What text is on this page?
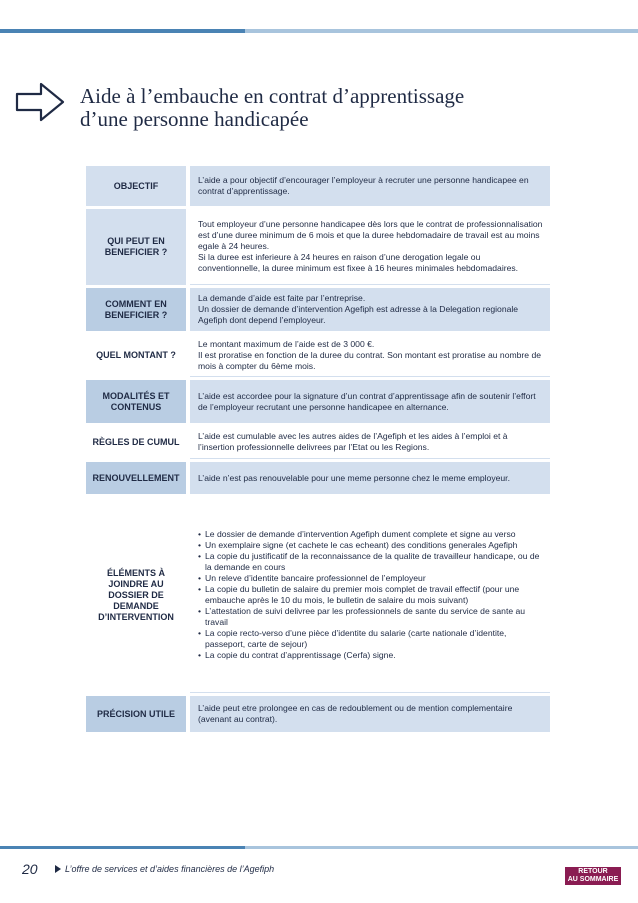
Aide à l’embauche en contrat d’apprentissage
d’une personne handicapée
OBJECTIF
L’aide a pour objectif d’encourager l’employeur à recruter une personne handicapee en contrat d’apprentissage.
QUI PEUT EN BENEFICIER ?
Tout employeur d’une personne handicapee dès lors que le contrat de professionnalisation est d’une duree minimum de 6 mois et que la duree hebdomadaire de travail est au moins egale à 24 heures.
Si la duree est inferieure à 24 heures en raison d’une derogation legale ou conventionnelle, la duree minimum est fixee à 16 heures minimales hebdomadaires.
COMMENT EN BENEFICIER ?
La demande d’aide est faite par l’entreprise.
Un dossier de demande d’intervention Agefiph est adresse à la Delegation regionale Agefiph dont depend l’employeur.
QUEL MONTANT ?
Le montant maximum de l’aide est de 3 000 €.
Il est proratise en fonction de la duree du contrat. Son montant est proratise au nombre de mois à compter du 6ème mois.
MODALITÉS ET CONTENUS
L’aide est accordee pour la signature d’un contrat d’apprentissage afin de soutenir l’effort de l’employeur recrutant une personne handicapee en alternance.
RÈGLES DE CUMUL
L’aide est cumulable avec les autres aides de l’Agefiph et les aides à l’emploi et à l’insertion professionnelle delivrees par l’Etat ou les Regions.
RENOUVELLEMENT	L’aide n’est pas renouvelable pour une meme personne chez le meme employeur.
ÉLÉMENTS À JOINDRE AU DOSSIER DE DEMANDE D’INTERVENTION
• Le dossier de demande d’intervention Agefiph dument complete et signe au verso
• Un exemplaire signe (et cachete le cas echeant) des conditions generales Agefiph
• La copie du justificatif de la reconnaissance de la qualite de travailleur handicape, ou de la demande en cours
• Un releve d’identite bancaire professionnel de l’employeur
• La copie du bulletin de salaire du premier mois complet de travail effectif (pour une embauche après le 10 du mois, le bulletin de salaire du mois suivant)
• L’attestation de suivi delivree par les professionnels de sante du service de sante au travail
• La copie recto-verso d’une pièce d’identite du salarie (carte nationale d’identite, passeport, carte de sejour)
• La copie du contrat d’apprentissage (Cerfa) signe.
PRÉCISION UTILE
L’aide peut etre prolongee en cas de redoublement ou de mention complementaire (avenant au contrat).
20	L’offre de services et d’aides financières de l’Agefiph	RETOUR
AU SOMMAIRE
